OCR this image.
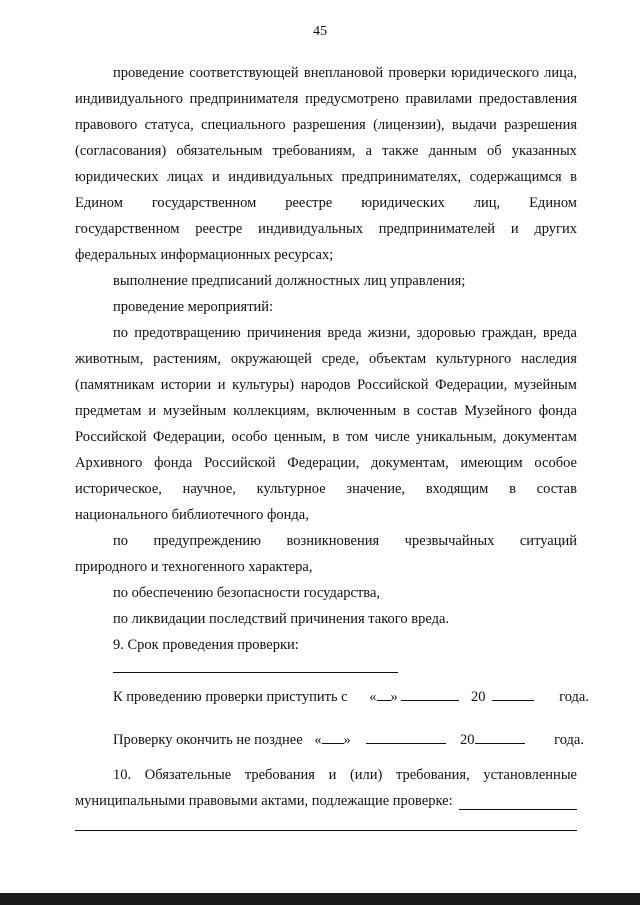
45
проведение соответствующей внеплановой проверки юридического лица,
индивидуального предпринимателя предусмотрено правилами предоставления
правового статуса, специального разрешения (лицензии), выдачи разрешения
(согласования) обязательным требованиям, а также данным об указанных
юридических лицах и индивидуальных предпринимателях, содержащимся в
Едином государственном реестре юридических лиц, Едином
государственном реестре индивидуальных предпринимателей и других
федеральных информационных ресурсах;
выполнение предписаний должностных лиц управления;
проведение мероприятий:
по предотвращению причинения вреда жизни, здоровью граждан, вреда
животным, растениям, окружающей среде, объектам культурного наследия
(памятникам истории и культуры) народов Российской Федерации, музейным
предметам и музейным коллекциям, включенным в состав Музейного фонда
Российской Федерации, особо ценным, в том числе уникальным, документам
Архивного фонда Российской Федерации, документам, имеющим особое
историческое, научное, культурное значение, входящим в состав
национального библиотечного фонда,
по предупреждению возникновения чрезвычайных ситуаций
природного и техногенного характера,
по обеспечению безопасности государства,
по ликвидации последствий причинения такого вреда.
9. Срок проведения проверки:
К проведению проверки приступить с « »	20	года.
Проверку окончить не позднее « »	20	года.
10. Обязательные требования и (или) требования, установленные
муниципальными правовыми актами, подлежащие проверке:
